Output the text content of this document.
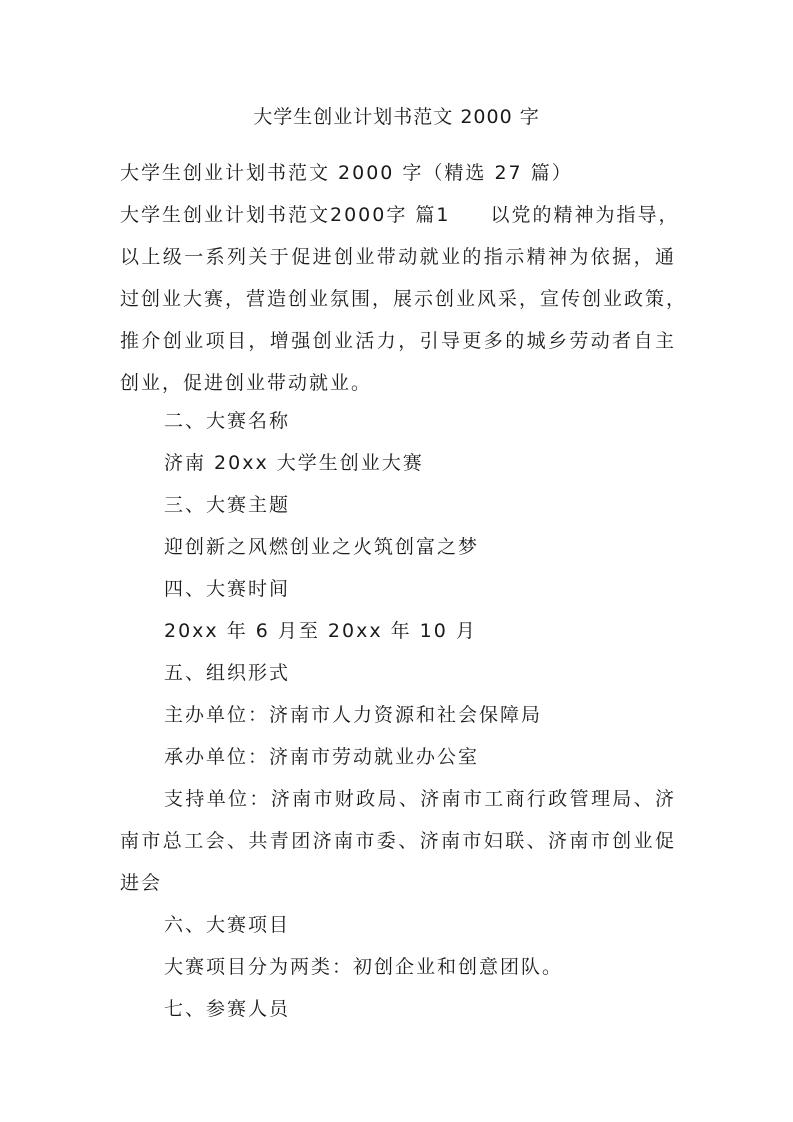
大学生创业计划书范文 2000 字
大学生创业计划书范文 2000 字（精选 27 篇）
大学生创业计划书范文2000字 篇1 以党的精神为指导，
以上级一系列关于促进创业带动就业的指示精神为依据，通
过创业大赛，营造创业氛围，展示创业风采，宣传创业政策，
推介创业项目，增强创业活力，引导更多的城乡劳动者自主
创业，促进创业带动就业。
二、大赛名称
济南 20xx 大学生创业大赛
三、大赛主题
迎创新之风燃创业之火筑创富之梦
四、大赛时间
20xx 年 6 月至 20xx 年 10 月
五、组织形式
主办单位：济南市人力资源和社会保障局
承办单位：济南市劳动就业办公室
支持单位：济南市财政局、济南市工商行政管理局、济
南市总工会、共青团济南市委、济南市妇联、济南市创业促
进会
六、大赛项目
大赛项目分为两类：初创企业和创意团队。
七、参赛人员
